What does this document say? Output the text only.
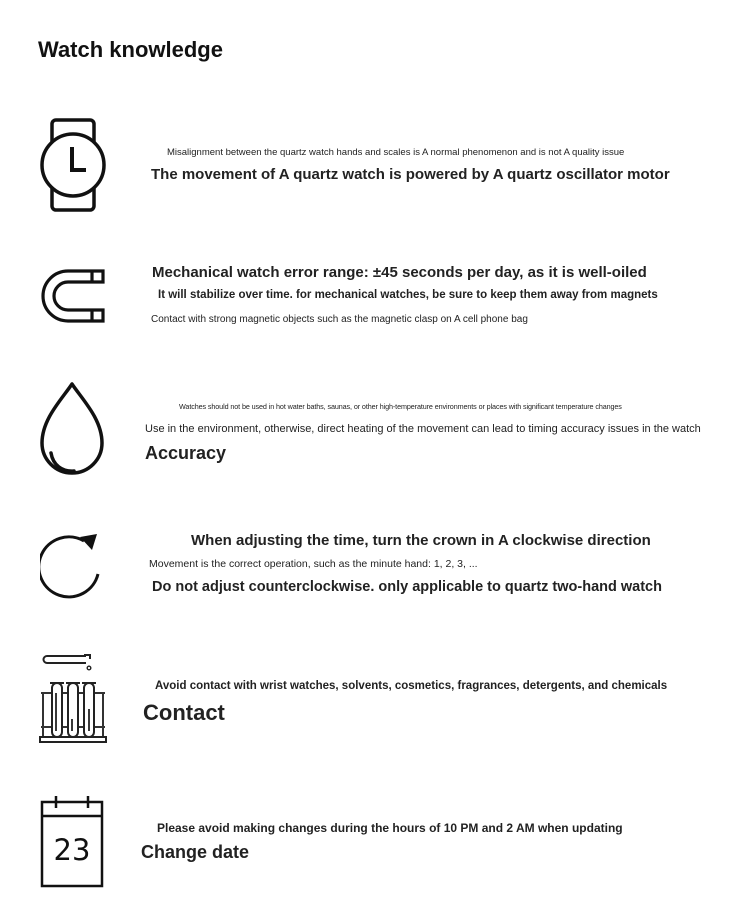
Watch knowledge
Misalignment between the quartz watch hands and scales is A normal phenomenon and is not A quality issue
The movement of A quartz watch is powered by A quartz oscillator motor
Mechanical watch error range: ±45 seconds per day, as it is well-oiled
It will stabilize over time. for mechanical watches, be sure to keep them away from magnets
Contact with strong magnetic objects such as the magnetic clasp on A cell phone bag
Watches should not be used in hot water baths, saunas, or other high-temperature environments or places with significant temperature changes
Use in the environment, otherwise, direct heating of the movement can lead to timing accuracy issues in the watch
Accuracy
When adjusting the time, turn the crown in A clockwise direction
Movement is the correct operation, such as the minute hand: 1, 2, 3, ...
Do not adjust counterclockwise. only applicable to quartz two-hand watch
Avoid contact with wrist watches, solvents, cosmetics, fragrances, detergents, and chemicals
Contact
23
Please avoid making changes during the hours of 10 PM and 2 AM when updating
Change date
